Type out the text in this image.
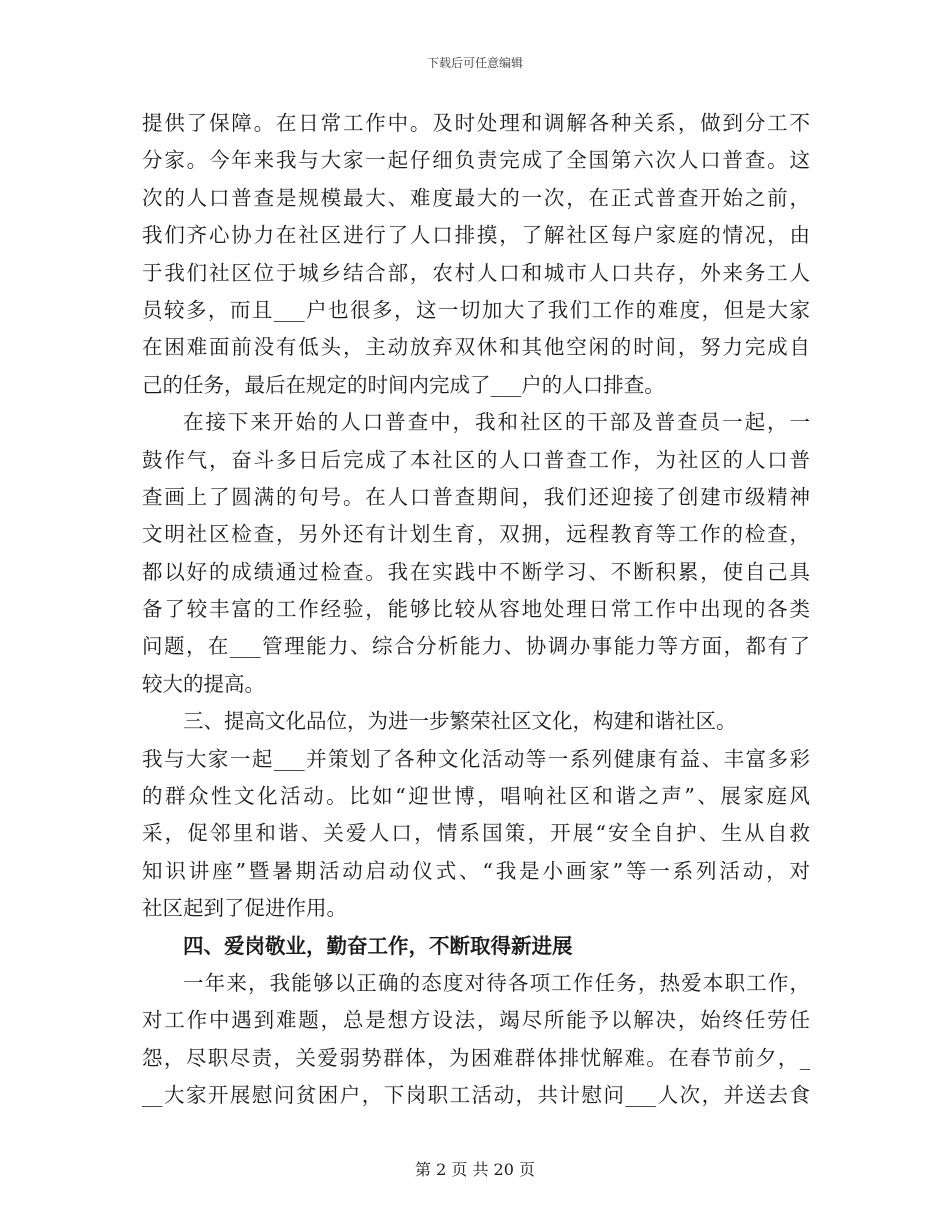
下载后可任意编辑
提供了保障。在日常工作中。及时处理和调解各种关系，做到分工不
分家。今年来我与大家一起仔细负责完成了全国第六次人口普查。这
次的人口普查是规模最大、难度最大的一次，在正式普查开始之前，
我们齐心协力在社区进行了人口排摸，了解社区每户家庭的情况，由
于我们社区位于城乡结合部，农村人口和城市人口共存，外来务工人
员较多，而且___户也很多，这一切加大了我们工作的难度，但是大家
在困难面前没有低头，主动放弃双休和其他空闲的时间，努力完成自
己的任务，最后在规定的时间内完成了___户的人口排查。
在接下来开始的人口普查中，我和社区的干部及普查员一起，一
鼓作气，奋斗多日后完成了本社区的人口普查工作，为社区的人口普
查画上了圆满的句号。在人口普查期间，我们还迎接了创建市级精神
文明社区检查，另外还有计划生育，双拥，远程教育等工作的检查，
都以好的成绩通过检查。我在实践中不断学习、不断积累，使自己具
备了较丰富的工作经验，能够比较从容地处理日常工作中出现的各类
问题，在___管理能力、综合分析能力、协调办事能力等方面，都有了
较大的提高。
三、提高文化品位，为进一步繁荣社区文化，构建和谐社区。
我与大家一起___并策划了各种文化活动等一系列健康有益、丰富多彩
的群众性文化活动。比如“迎世博，唱响社区和谐之声”、展家庭风
采，促邻里和谐、关爱人口，情系国策，开展“安全自护、生从自救
知识讲座”暨暑期活动启动仪式、“我是小画家”等一系列活动，对
社区起到了促进作用。
四、爱岗敬业，勤奋工作，不断取得新进展
一年来，我能够以正确的态度对待各项工作任务，热爱本职工作，
对工作中遇到难题，总是想方设法，竭尽所能予以解决，始终任劳任
怨，尽职尽责，关爱弱势群体，为困难群体排忧解难。在春节前夕，_
__大家开展慰问贫困户，下岗职工活动，共计慰问___人次，并送去食
第 2 页 共 20 页
